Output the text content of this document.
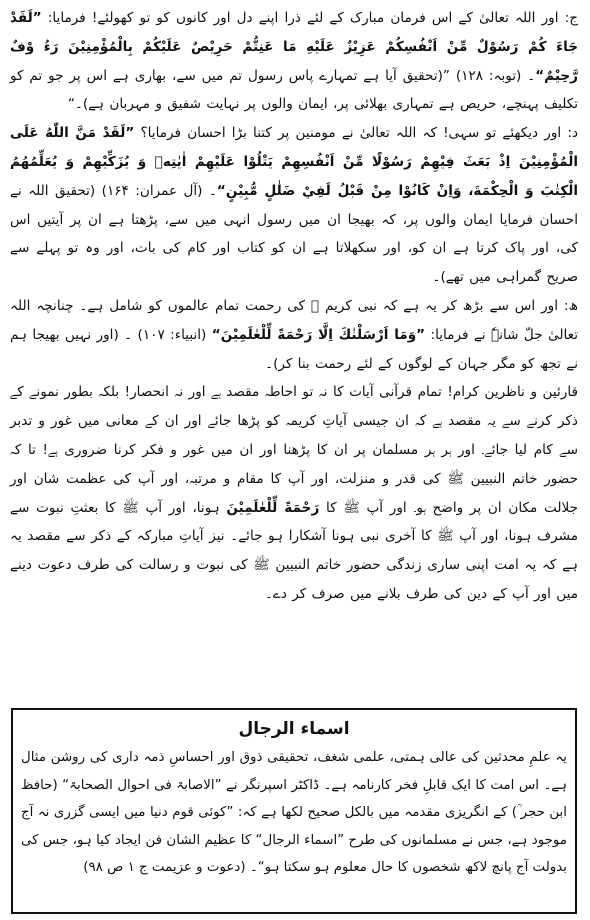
ج: اور اللہ تعالیٰ کے اس فرمان مبارک کے لئے ذرا اپنے دل اور کانوں کو تو کھولئے! فرمایا: ”لَقَدْ جَاءَ كُمْ رَسُوْلٌ مِّنْ اَنْفُسِكُمْ عَزِيْزٌ عَلَيْهِ مَا عَنِتُّمْ حَرِيْصٌ عَلَيْكُمْ بِالْمُؤْمِنِيْنَ رَءُ وْفٌ رَّحِيْمٌ“۔ (توبہ: ۱۲۸) ”(تحقیق آیا ہے تمہارے پاس رسول تم میں سے، بھاری ہے اس پر جو تم کو تکلیف پہنچے، حریص ہے تمہاری بھلائی پر، ایمان والوں پر نہایت شفیق و مہربان ہے)۔“

د: اور دیکھئے تو سہی! کہ اللہ تعالیٰ نے مومنین پر کتنا بڑا احسان فرمایا؟ ”لَقَدْ مَنَّ اللّٰهُ عَلَى الْمُؤْمِنِيْنَ اِذْ بَعَثَ فِيْهِمْ رَسُوْلًا مِّنْ اَنْفُسِهِمْ يَتْلُوْا عَلَيْهِمْ اٰيٰتِهٖ وَ يُزَكِّيْهِمْ وَ يُعَلِّمُهُمُ الْكِتٰبَ وَ الْحِكْمَةَ، وَاِنْ كَانُوْا مِنْ قَبْلُ لَفِيْ ضَلٰلٍ مُّبِيْنٍ“۔ (آل عمران: ۱۶۴) (تحقیق اللہ نے احسان فرمایا ایمان والوں پر، کہ بھیجا ان میں رسول انہی میں سے، پڑھتا ہے ان پر آیتیں اس کی، اور پاک کرتا ہے ان کو، اور سکھلاتا ہے ان کو کتاب اور کام کی بات، اور وہ تو پہلے سے صریح گمراہی میں تھے)۔

ھ: اور اس سے بڑھ کر یہ ہے کہ نبی کریم ﷺ کی رحمت تمام عالموں کو شامل ہے۔ چنانچہ اللہ تعالیٰ جلّ شانہٗ نے فرمایا: ”وَمَا اَرْسَلْنٰكَ اِلَّا رَحْمَةً لِّلْعٰلَمِيْنَ“ (انبیاء: ۱۰۷) ۔ (اور نہیں بھیجا ہم نے تجھ کو مگر جہان کے لوگوں کے لئے رحمت بنا کر)۔

قارئین و ناظرین کرام! تمام قرآنی آیات کا نہ تو احاطہ مقصد ہے اور نہ انحصار! بلکہ بطور نمونے کے ذکر کرنے سے یہ مقصد ہے کہ ان جیسی آیاتِ کریمہ کو پڑھا جائے اور ان کے معانی میں غور و تدبر سے کام لیا جائے۔ اور ہر ہر مسلمان پر ان کا پڑھنا اور ان میں غور و فکر کرنا ضروری ہے! تا کہ حضور خاتم النبیین ﷺ کی قدر و منزلت، اور آپ کا مقام و مرتبہ، اور آپ کی عظمت شان اور جلالت مکان ان پر واضح ہو۔ اور آپ ﷺ کا رَحْمَةً لِّلْعٰلَمِيْنَ ہونا، اور آپ ﷺ کا بعثتِ نبوت سے مشرف ہونا، اور آپ ﷺ کا آخری نبی ہونا آشکارا ہو جائے۔ نیز آیاتِ مبارکہ کے ذکر سے مقصد یہ ہے کہ یہ امت اپنی ساری زندگی حضور خاتم النبیین ﷺ کی نبوت و رسالت کی طرف دعوت دینے میں اور آپ کے دین کی طرف بلانے میں صرف کر دے۔

اسماء الرجال

یہ علمِ محدثین کی عالی ہمتی، علمی شغف، تحقیقی ذوق اور احساسِ ذمہ داری کی روشن مثال ہے۔ اس امت کا ایک قابلِ فخر کارنامہ ہے۔ ڈاکٹر اسپرنگر نے ”الاصابۃ فی احوال الصحابۃ“ (حافظ ابن حجر ؒ) کے انگریزی مقدمہ میں بالکل صحیح لکھا ہے کہ: ”کوئی قوم دنیا میں ایسی گزری نہ آج موجود ہے، جس نے مسلمانوں کی طرح ”اسماء الرجال“ کا عظیم الشان فن ایجاد کیا ہو، جس کی بدولت آج پانچ لاکھ شخصوں کا حال معلوم ہو سکتا ہو“۔ (دعوت و عزیمت ج ۱ ص ۹۸)
